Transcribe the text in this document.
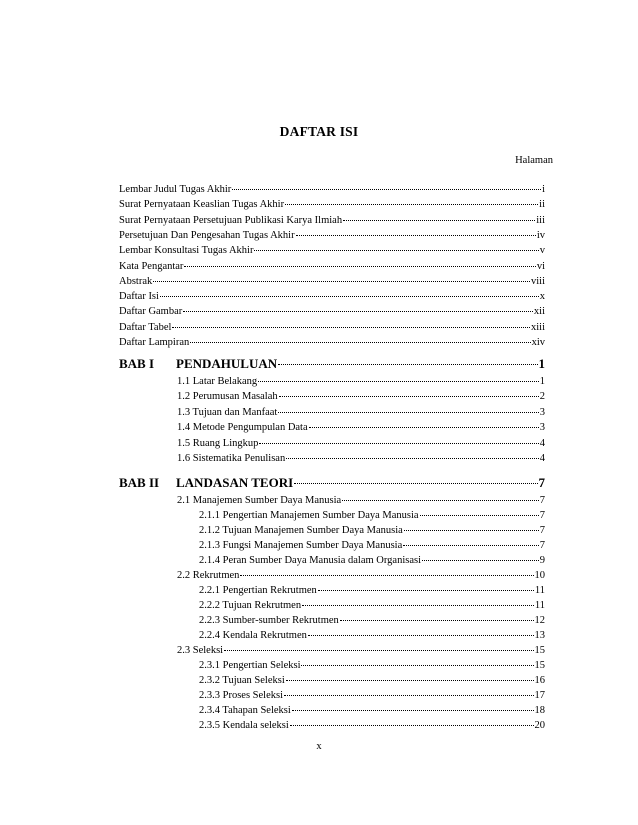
DAFTAR ISI
Halaman
Lembar Judul Tugas Akhir	i
Surat Pernyataan Keaslian Tugas Akhir	ii
Surat Pernyataan Persetujuan Publikasi Karya Ilmiah	iii
Persetujuan Dan Pengesahan Tugas Akhir	iv
Lembar Konsultasi Tugas Akhir	v
Kata Pengantar	vi
Abstrak	viii
Daftar Isi	x
Daftar Gambar	xii
Daftar Tabel	xiii
Daftar Lampiran	xiv
BAB I PENDAHULUAN	1
1.1 Latar Belakang	1
1.2 Perumusan Masalah	2
1.3 Tujuan dan Manfaat	3
1.4 Metode Pengumpulan Data	3
1.5 Ruang Lingkup	4
1.6 Sistematika Penulisan	4
BAB II LANDASAN TEORI	7
2.1 Manajemen Sumber Daya Manusia	7
2.1.1 Pengertian Manajemen Sumber Daya Manusia	7
2.1.2 Tujuan Manajemen Sumber Daya Manusia	7
2.1.3 Fungsi Manajemen Sumber Daya Manusia	7
2.1.4 Peran Sumber Daya Manusia dalam Organisasi	9
2.2 Rekrutmen	10
2.2.1 Pengertian Rekrutmen	11
2.2.2 Tujuan Rekrutmen	11
2.2.3 Sumber-sumber Rekrutmen	12
2.2.4 Kendala Rekrutmen	13
2.3 Seleksi	15
2.3.1 Pengertian Seleksi	15
2.3.2 Tujuan Seleksi	16
2.3.3 Proses Seleksi	17
2.3.4 Tahapan Seleksi	18
2.3.5 Kendala seleksi	20
x
